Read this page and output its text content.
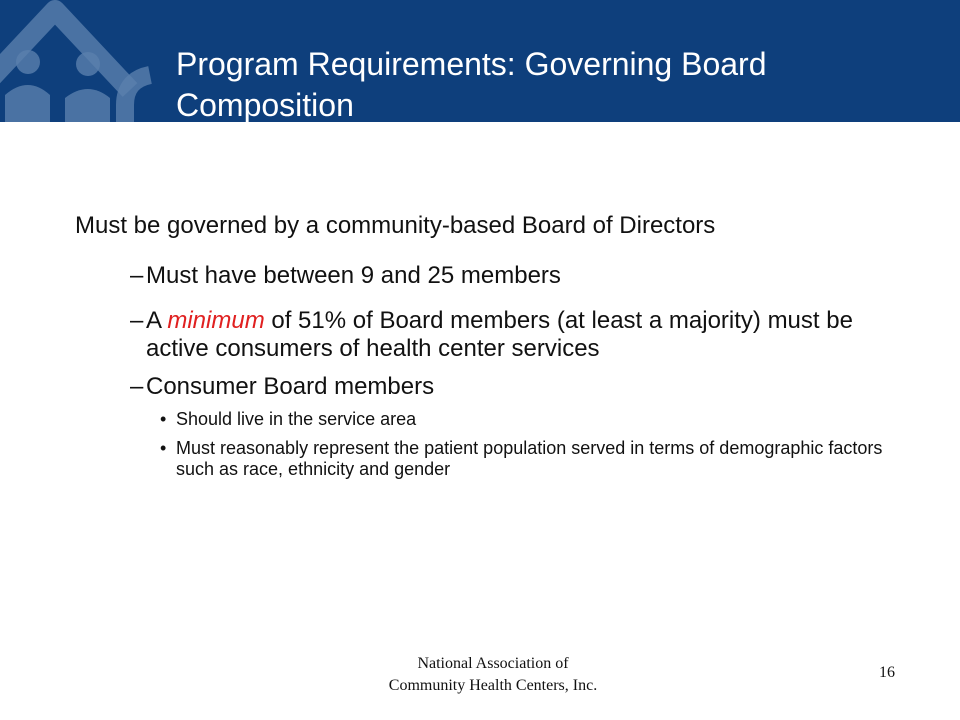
Program Requirements: Governing Board Composition

Must be governed by a community-based Board of Directors

– Must have between 9 and 25 members

– A minimum of 51% of Board members (at least a majority) must be active consumers of health center services

– Consumer Board members

• Should live in the service area

• Must reasonably represent the patient population served in terms of demographic factors such as race, ethnicity and gender

National Association of Community Health Centers, Inc.
16
